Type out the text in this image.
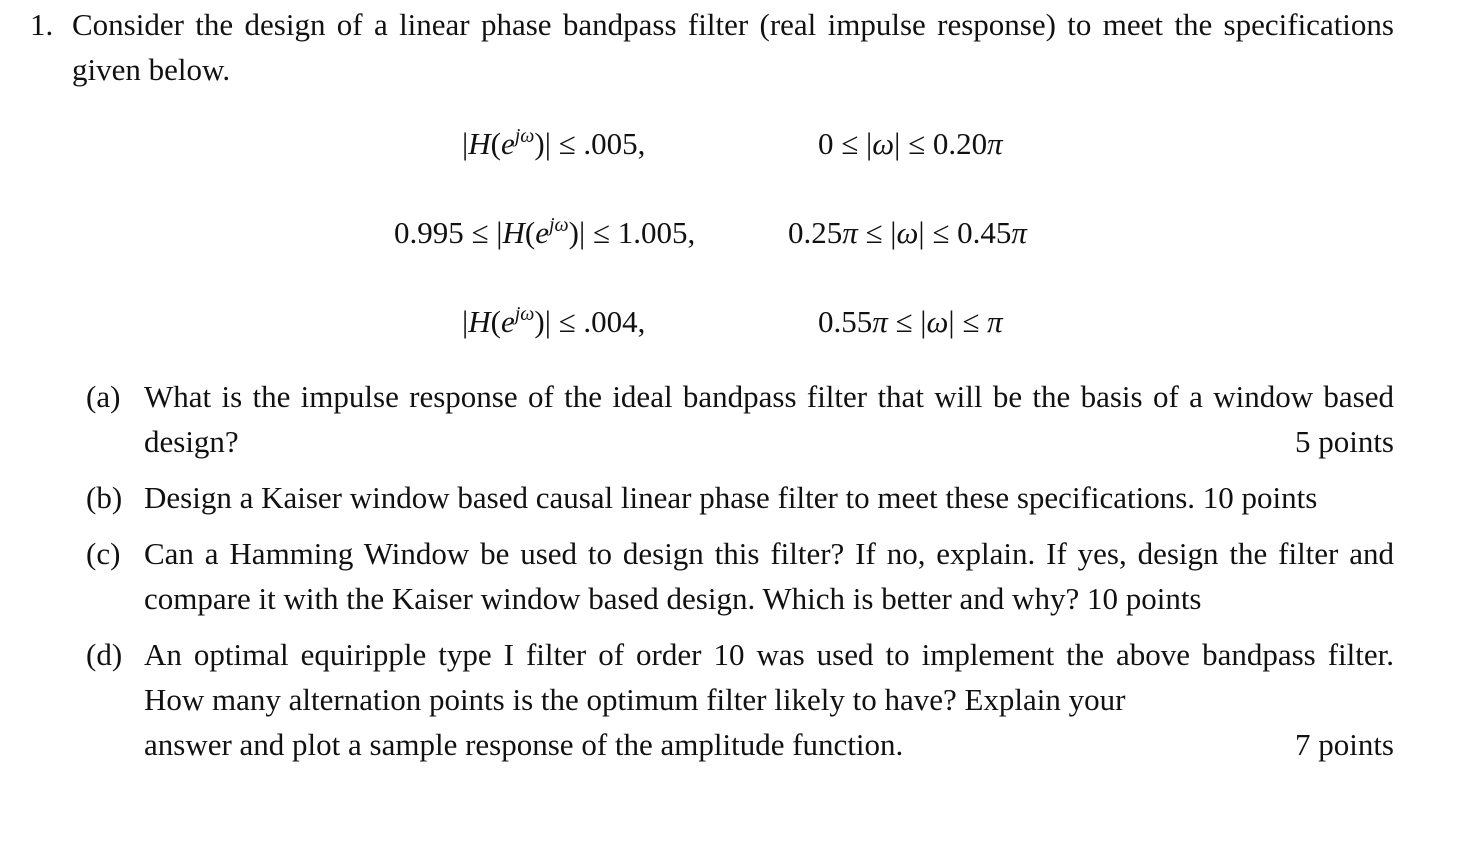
1. Consider the design of a linear phase bandpass filter (real impulse response) to meet the specifications given below.
$|H(e^{j\omega})| \le .005$,	0 ≤ |ω| ≤ 0.20π
$0.995 \le |H(e^{j\omega})| \le 1.005$,	0.25π ≤ |ω| ≤ 0.45π
$|H(e^{j\omega})| \le .004$,	0.55π ≤ |ω| ≤ π
(a) What is the impulse response of the ideal bandpass filter that will be the basis of a window based design?	5 points
(b) Design a Kaiser window based causal linear phase filter to meet these specifications. 10 points
(c) Can a Hamming Window be used to design this filter? If no, explain. If yes, design the filter and compare it with the Kaiser window based design. Which is better and why? 10 points
(d) An optimal equiripple type I filter of order 10 was used to implement the above bandpass filter. How many alternation points is the optimum filter likely to have? Explain your
answer and plot a sample response of the amplitude function.	7 points
